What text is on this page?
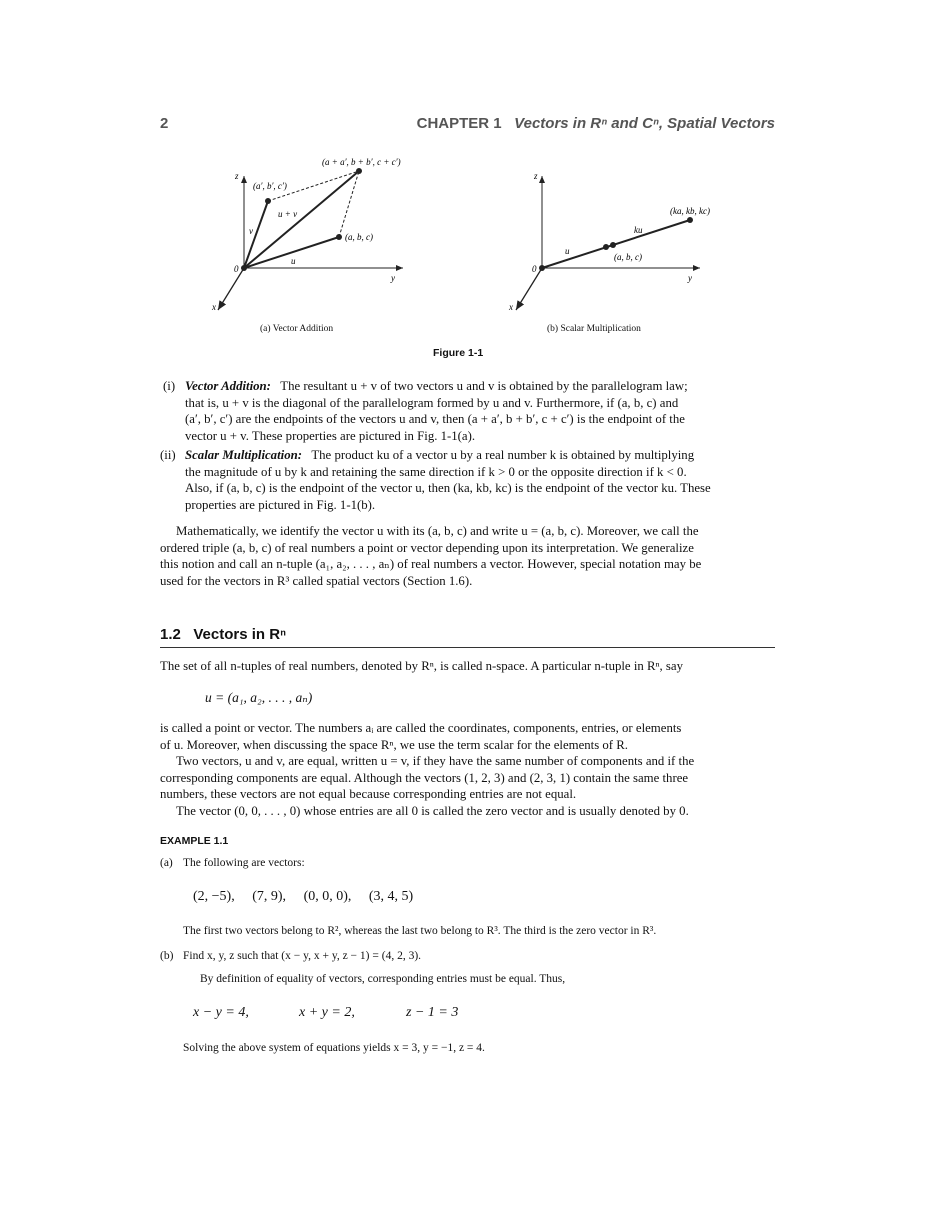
2	CHAPTER 1 Vectors in Rⁿ and Cⁿ, Spatial Vectors
z
y
x
0
(a + a′, b + b′, c + c′)
(a′, b′, c′)
(a, b, c)
u + v
v
u
(a) Vector Addition
z
y
x
0
(ka, kb, kc)
(a, b, c)
ku
u
(b) Scalar Multiplication
Figure 1-1
(i) Vector Addition: The resultant u + v of two vectors u and v is obtained by the parallelogram law;
that is, u + v is the diagonal of the parallelogram formed by u and v. Furthermore, if (a, b, c) and
(a′, b′, c′) are the endpoints of the vectors u and v, then (a + a′, b + b′, c + c′) is the endpoint of the
vector u + v. These properties are pictured in Fig. 1-1(a).
(ii) Scalar Multiplication: The product ku of a vector u by a real number k is obtained by multiplying
the magnitude of u by k and retaining the same direction if k > 0 or the opposite direction if k < 0.
Also, if (a, b, c) is the endpoint of the vector u, then (ka, kb, kc) is the endpoint of the vector ku. These
properties are pictured in Fig. 1-1(b).
Mathematically, we identify the vector u with its (a, b, c) and write u = (a, b, c). Moreover, we call the
ordered triple (a, b, c) of real numbers a point or vector depending upon its interpretation. We generalize
this notion and call an n-tuple (a₁, a₂, . . . , aₙ) of real numbers a vector. However, special notation may be
used for the vectors in R³ called spatial vectors (Section 1.6).
1.2 Vectors in Rⁿ
The set of all n-tuples of real numbers, denoted by Rⁿ, is called n-space. A particular n-tuple in Rⁿ, say
u = (a₁, a₂, . . . , aₙ)
is called a point or vector. The numbers aᵢ are called the coordinates, components, entries, or elements
of u. Moreover, when discussing the space Rⁿ, we use the term scalar for the elements of R.
Two vectors, u and v, are equal, written u = v, if they have the same number of components and if the
corresponding components are equal. Although the vectors (1, 2, 3) and (2, 3, 1) contain the same three
numbers, these vectors are not equal because corresponding entries are not equal.
The vector (0, 0, . . . , 0) whose entries are all 0 is called the zero vector and is usually denoted by 0.
EXAMPLE 1.1
(a) The following are vectors:
(2, −5), (7, 9), (0, 0, 0), (3, 4, 5)
The first two vectors belong to R², whereas the last two belong to R³. The third is the zero vector in R³.
(b) Find x, y, z such that (x − y, x + y, z − 1) = (4, 2, 3).
By definition of equality of vectors, corresponding entries must be equal. Thus,
x − y = 4,	x + y = 2,	z − 1 = 3
Solving the above system of equations yields x = 3, y = −1, z = 4.
